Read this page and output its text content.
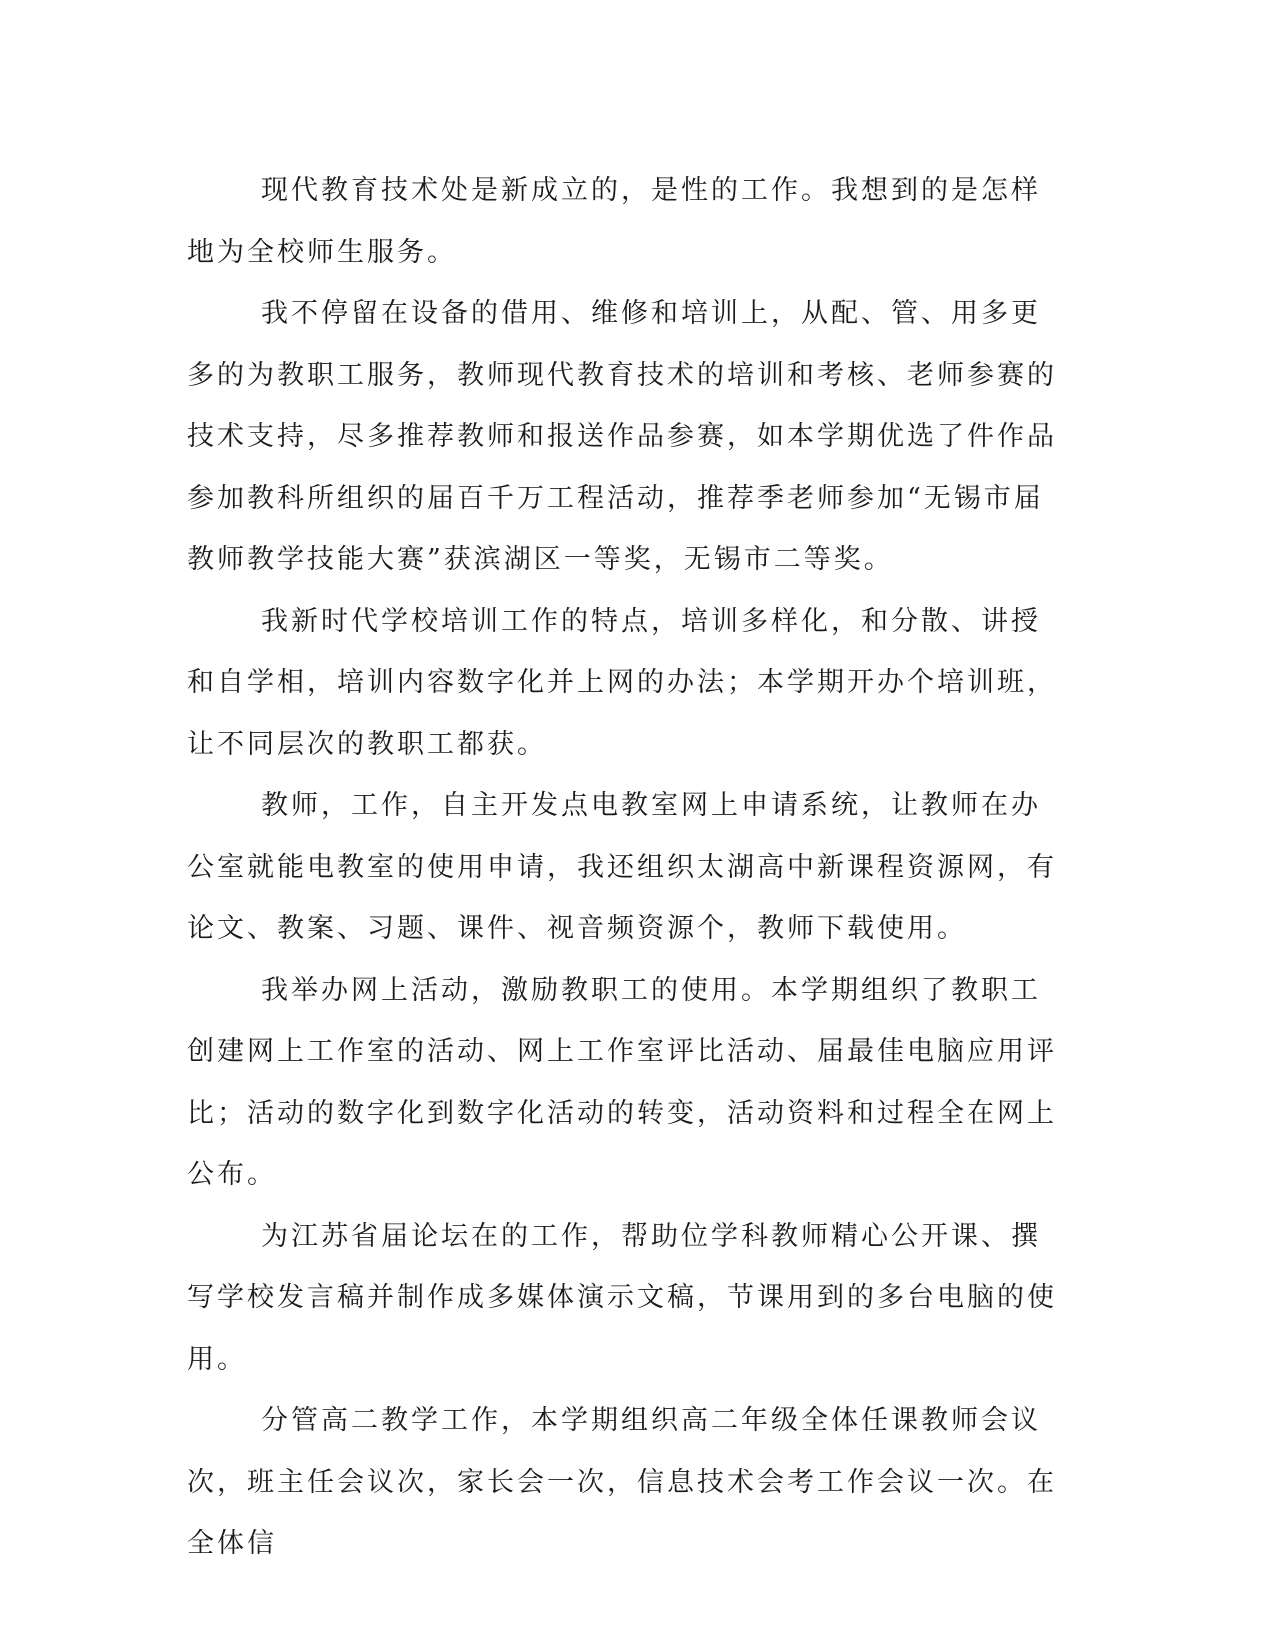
现代教育技术处是新成立的，是性的工作。我想到的是怎样地为全校师生服务。

我不停留在设备的借用、维修和培训上，从配、管、用多更多的为教职工服务，教师现代教育技术的培训和考核、老师参赛的技术支持，尽多推荐教师和报送作品参赛，如本学期优选了件作品参加教科所组织的届百千万工程活动，推荐季老师参加“无锡市届教师教学技能大赛”获滨湖区一等奖，无锡市二等奖。

我新时代学校培训工作的特点，培训多样化，和分散、讲授和自学相，培训内容数字化并上网的办法；本学期开办个培训班，让不同层次的教职工都获。

教师，工作，自主开发点电教室网上申请系统，让教师在办公室就能电教室的使用申请，我还组织太湖高中新课程资源网，有论文、教案、习题、课件、视音频资源个，教师下载使用。

我举办网上活动，激励教职工的使用。本学期组织了教职工创建网上工作室的活动、网上工作室评比活动、届最佳电脑应用评比；活动的数字化到数字化活动的转变，活动资料和过程全在网上公布。

为江苏省届论坛在的工作，帮助位学科教师精心公开课、撰写学校发言稿并制作成多媒体演示文稿，节课用到的多台电脑的使用。

分管高二教学工作，本学期组织高二年级全体任课教师会议次，班主任会议次，家长会一次，信息技术会考工作会议一次。在全体信
